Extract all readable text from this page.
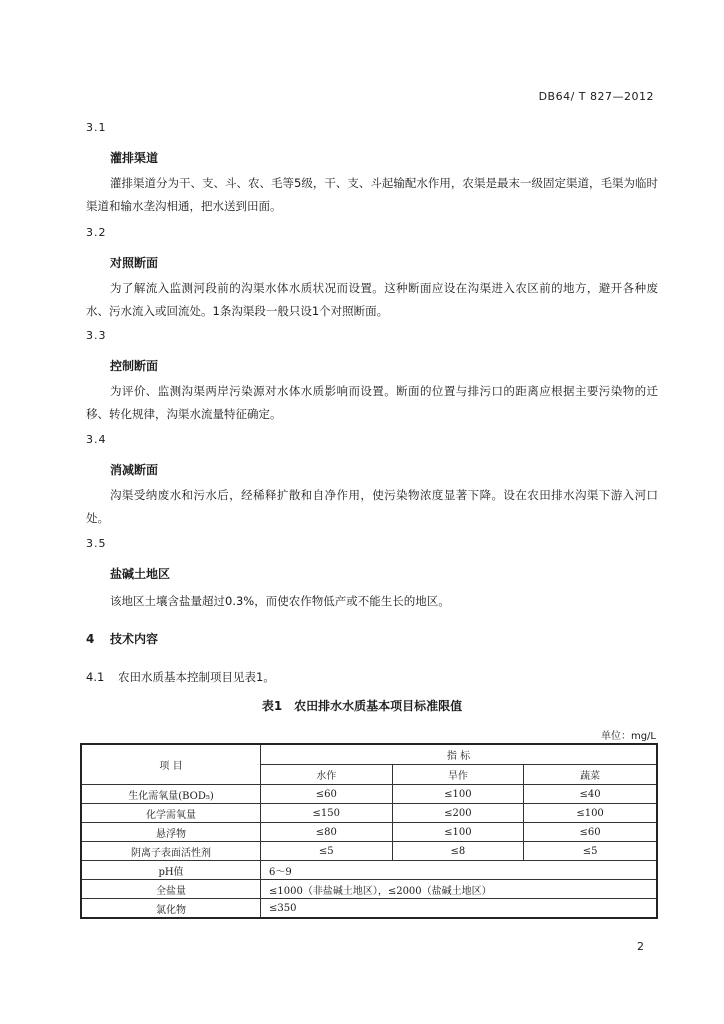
DB64/ T 827—2012
3.1
灌排渠道
灌排渠道分为干、支、斗、农、毛等5级，干、支、斗起输配水作用，农渠是最末一级固定渠道，毛渠为临时渠道和输水垄沟相通，把水送到田面。
3.2
对照断面
为了解流入监测河段前的沟渠水体水质状况而设置。这种断面应设在沟渠进入农区前的地方，避开各种废水、污水流入或回流处。1条沟渠段一般只设1个对照断面。
3.3
控制断面
为评价、监测沟渠两岸污染源对水体水质影响而设置。断面的位置与排污口的距离应根据主要污染物的迁移、转化规律，沟渠水流量特征确定。
3.4
消减断面
沟渠受纳废水和污水后，经稀释扩散和自净作用，使污染物浓度显著下降。设在农田排水沟渠下游入河口处。
3.5
盐碱土地区
该地区土壤含盐量超过0.3%，而使农作物低产或不能生长的地区。
4 技术内容
4.1 农田水质基本控制项目见表1。
表1 农田排水水质基本项目标准限值
单位：mg/L
项 目	指 标		
	水作	旱作	蔬菜
生化需氧量(BOD₅)	≤60	≤100	≤40
化学需氧量	≤150	≤200	≤100
悬浮物	≤80	≤100	≤60
阴离子表面活性剂	≤5	≤8	≤5
pH值	6～9		
全盐量	≤1000（非盐碱土地区），≤2000（盐碱土地区）		
氯化物	≤350		
2
